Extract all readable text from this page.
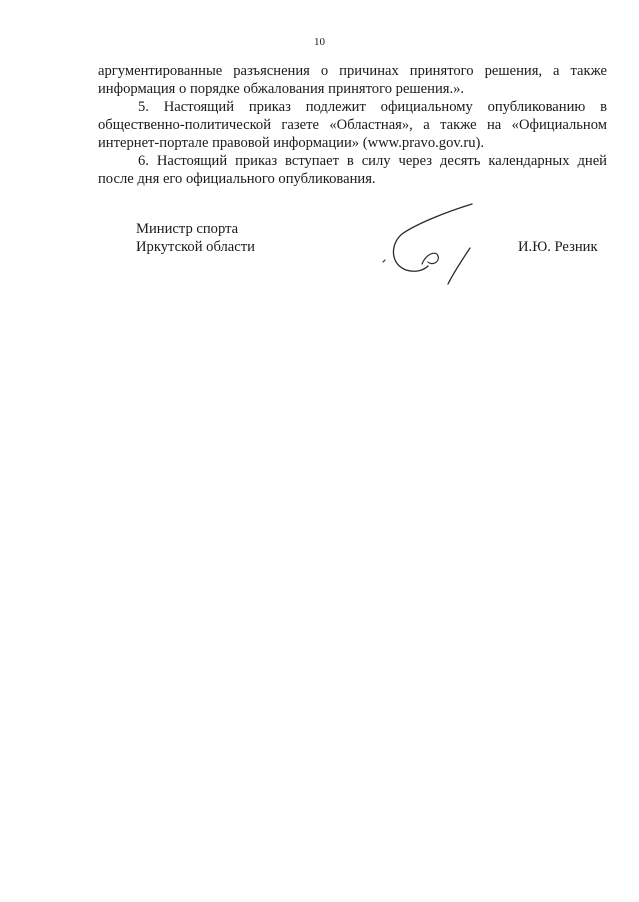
10

аргументированные разъяснения о причинах принятого решения, а также информация о порядке обжалования принятого решения.».

5. Настоящий приказ подлежит официальному опубликованию в общественно-политической газете «Областная», а также на «Официальном интернет-портале правовой информации» (www.pravo.gov.ru).

6. Настоящий приказ вступает в силу через десять календарных дней после дня его официального опубликования.

Министр спорта
Иркутской области	И.Ю. Резник
